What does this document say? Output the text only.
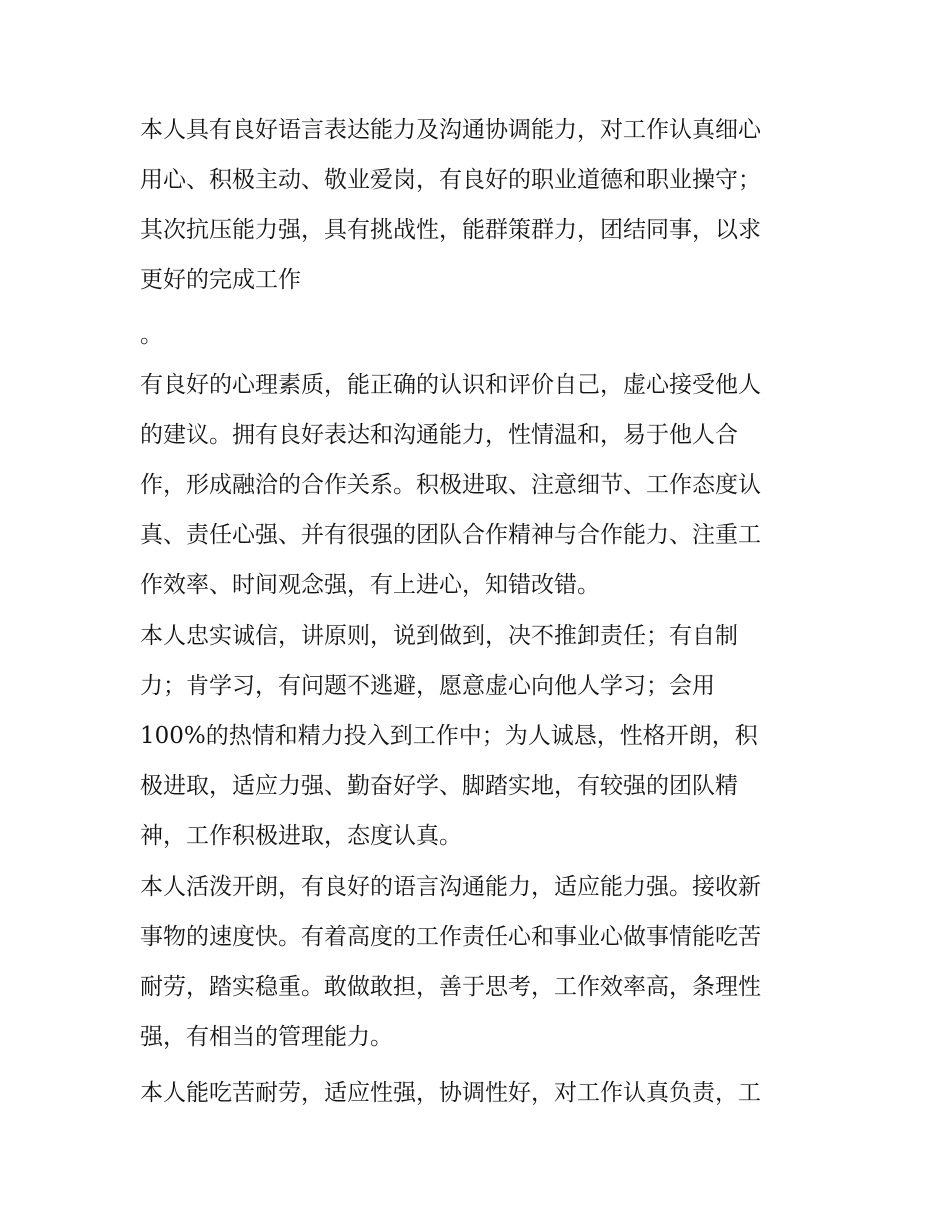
本人具有良好语言表达能力及沟通协调能力，对工作认真细心

用心、积极主动、敬业爱岗，有良好的职业道德和职业操守；

其次抗压能力强，具有挑战性，能群策群力，团结同事，以求

更好的完成工作

。

有良好的心理素质，能正确的认识和评价自己，虚心接受他人

的建议。拥有良好表达和沟通能力，性情温和，易于他人合

作，形成融洽的合作关系。积极进取、注意细节、工作态度认

真、责任心强、并有很强的团队合作精神与合作能力、注重工

作效率、时间观念强，有上进心，知错改错。

本人忠实诚信，讲原则，说到做到，决不推卸责任；有自制

力；肯学习，有问题不逃避，愿意虚心向他人学习；会用

100%的热情和精力投入到工作中；为人诚恳，性格开朗，积

极进取，适应力强、勤奋好学、脚踏实地，有较强的团队精

神，工作积极进取，态度认真。

本人活泼开朗，有良好的语言沟通能力，适应能力强。接收新

事物的速度快。有着高度的工作责任心和事业心做事情能吃苦

耐劳，踏实稳重。敢做敢担，善于思考，工作效率高，条理性

强，有相当的管理能力。

本人能吃苦耐劳，适应性强，协调性好，对工作认真负责，工
